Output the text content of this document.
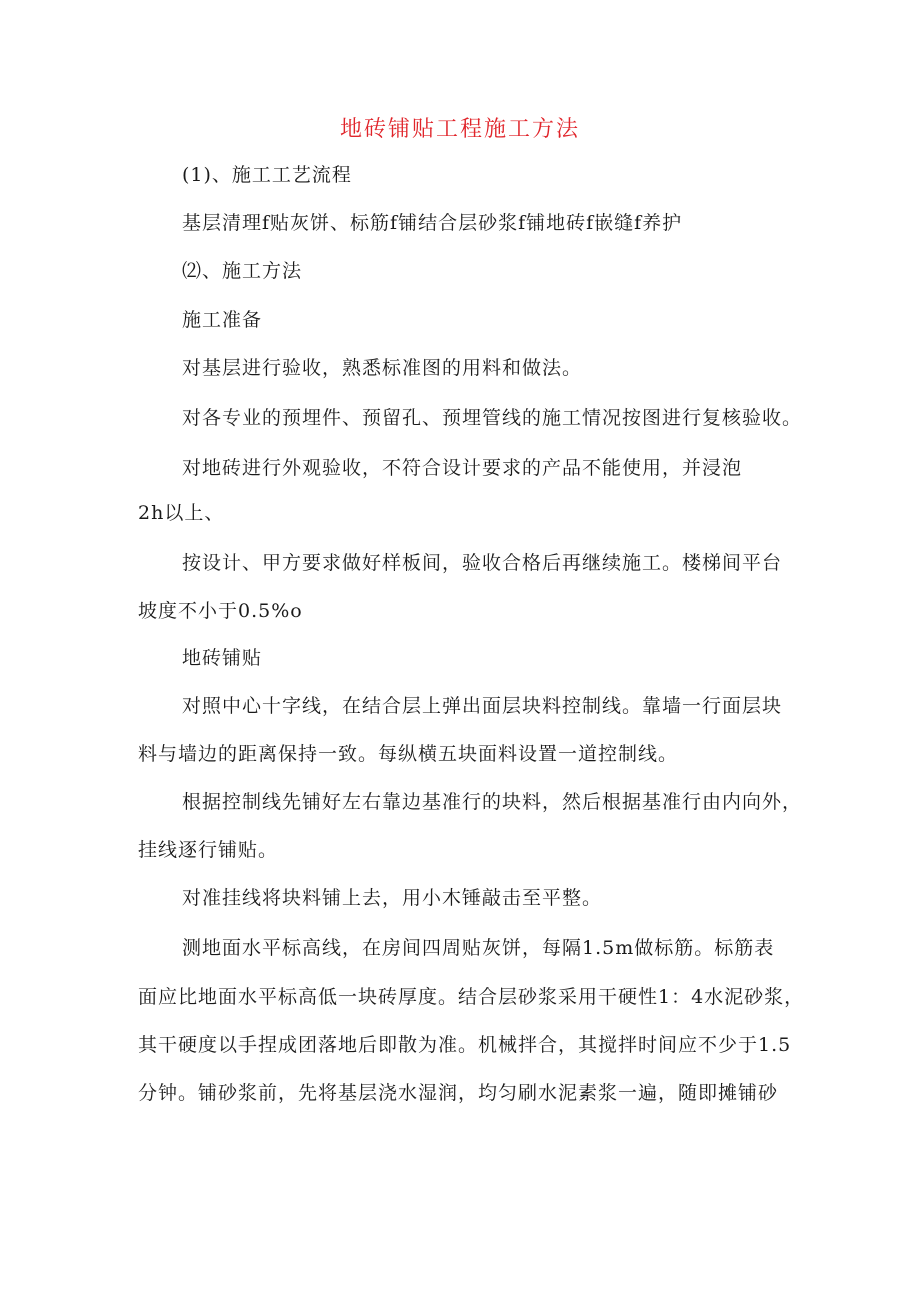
地砖铺贴工程施工方法
(1)、施工工艺流程
基层清理f贴灰饼、标筋f铺结合层砂浆f铺地砖f嵌缝f养护
⑵、施工方法
施工准备
对基层进行验收，熟悉标准图的用料和做法。
对各专业的预埋件、预留孔、预埋管线的施工情况按图进行复核验收。
对地砖进行外观验收，不符合设计要求的产品不能使用，并浸泡
2h以上、
按设计、甲方要求做好样板间，验收合格后再继续施工。楼梯间平台
坡度不小于0.5%o
地砖铺贴
对照中心十字线，在结合层上弹出面层块料控制线。靠墙一行面层块
料与墙边的距离保持一致。每纵横五块面料设置一道控制线。
根据控制线先铺好左右靠边基准行的块料，然后根据基准行由内向外，
挂线逐行铺贴。
对准挂线将块料铺上去，用小木锤敲击至平整。
测地面水平标高线，在房间四周贴灰饼，每隔1.5m做标筋。标筋表
面应比地面水平标高低一块砖厚度。结合层砂浆采用干硬性1：4水泥砂浆，
其干硬度以手捏成团落地后即散为准。机械拌合，其搅拌时间应不少于1.5
分钟。铺砂浆前，先将基层浇水湿润，均匀刷水泥素浆一遍，随即摊铺砂
